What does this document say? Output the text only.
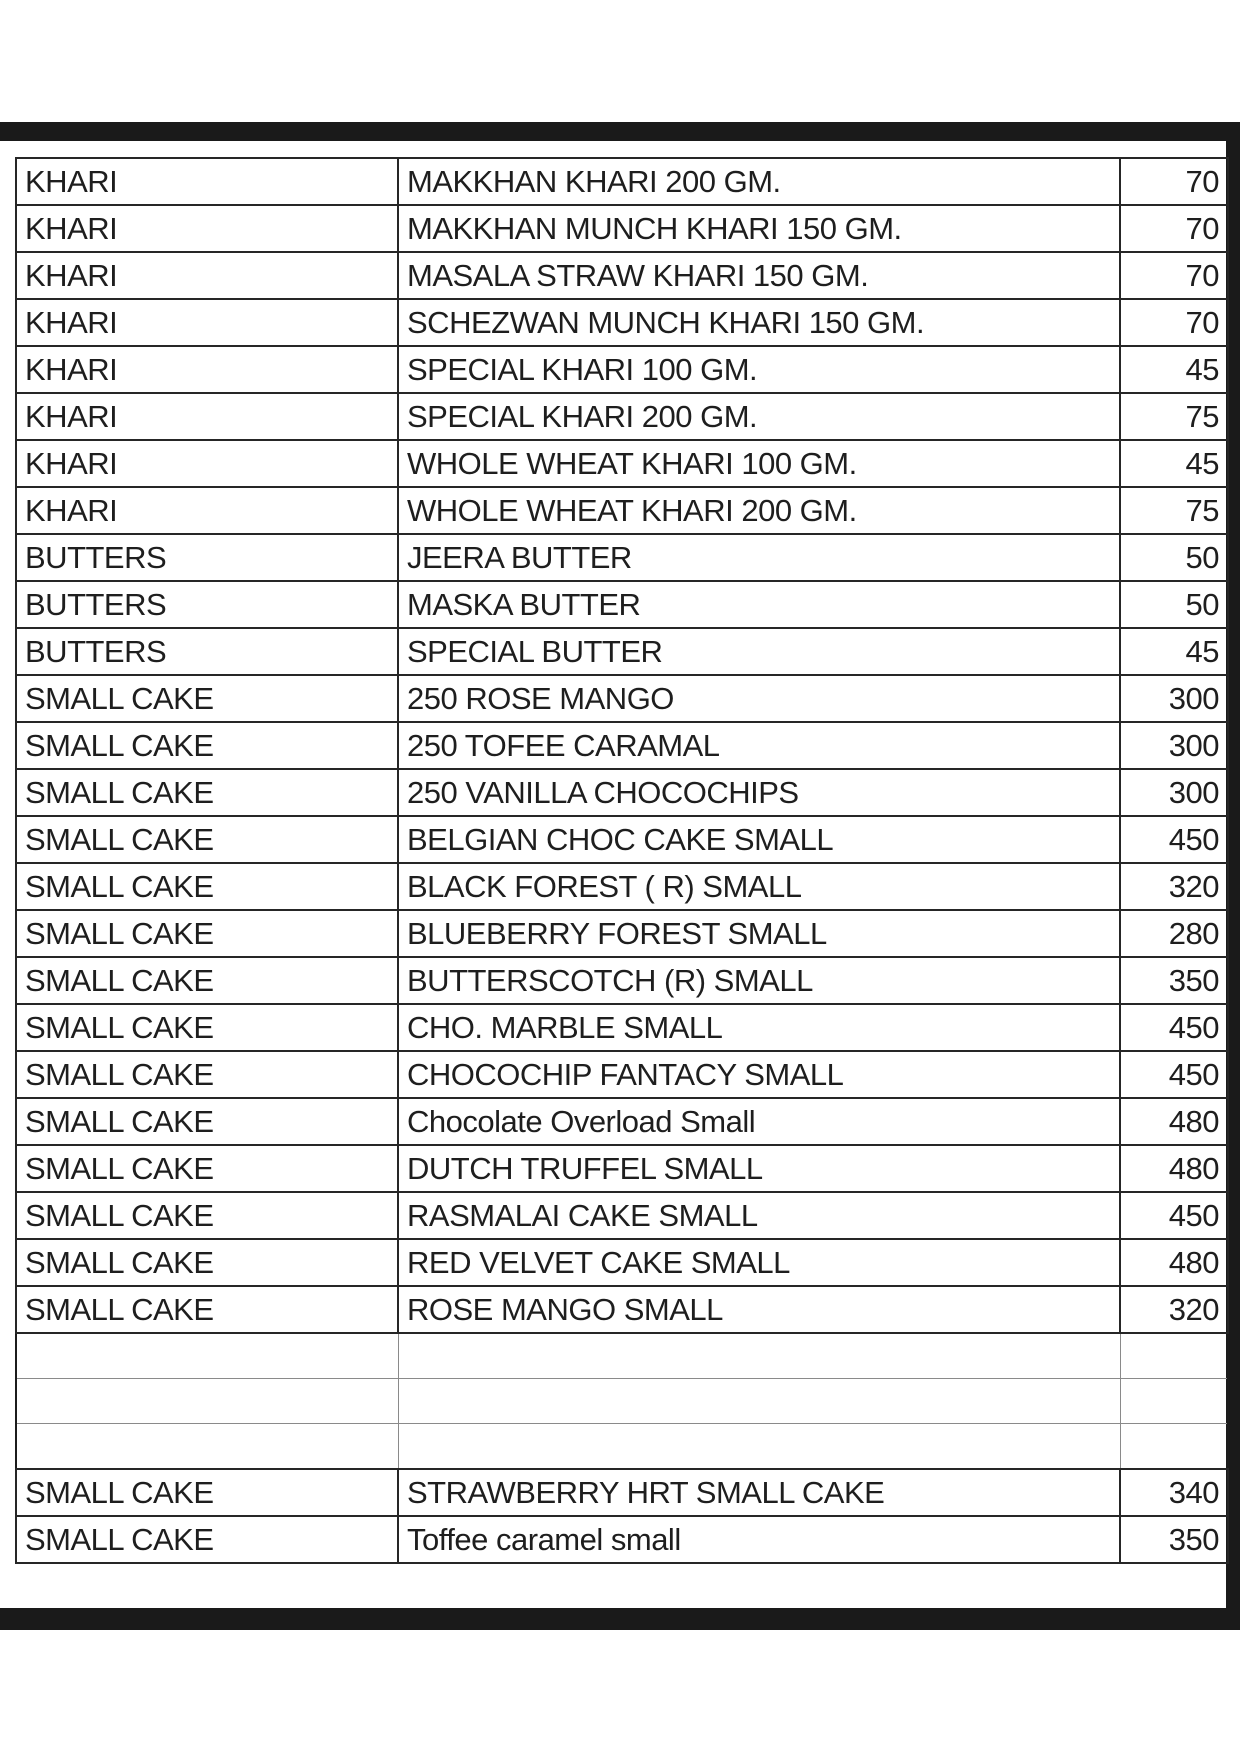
KHARI	MAKKHAN KHARI 200 GM.	70
KHARI	MAKKHAN MUNCH KHARI 150 GM.	70
KHARI	MASALA STRAW KHARI 150 GM.	70
KHARI	SCHEZWAN MUNCH KHARI 150 GM.	70
KHARI	SPECIAL KHARI 100 GM.	45
KHARI	SPECIAL KHARI 200 GM.	75
KHARI	WHOLE WHEAT KHARI 100 GM.	45
KHARI	WHOLE WHEAT KHARI 200 GM.	75
BUTTERS	JEERA BUTTER	50
BUTTERS	MASKA BUTTER	50
BUTTERS	SPECIAL BUTTER	45
SMALL CAKE	250 ROSE MANGO	300
SMALL CAKE	250 TOFEE CARAMAL	300
SMALL CAKE	250 VANILLA CHOCOCHIPS	300
SMALL CAKE	BELGIAN CHOC CAKE SMALL	450
SMALL CAKE	BLACK FOREST ( R) SMALL	320
SMALL CAKE	BLUEBERRY FOREST SMALL	280
SMALL CAKE	BUTTERSCOTCH (R) SMALL	350
SMALL CAKE	CHO. MARBLE SMALL	450
SMALL CAKE	CHOCOCHIP FANTACY SMALL	450
SMALL CAKE	Chocolate Overload Small	480
SMALL CAKE	DUTCH TRUFFEL SMALL	480
SMALL CAKE	RASMALAI CAKE SMALL	450
SMALL CAKE	RED VELVET CAKE SMALL	480
SMALL CAKE	ROSE MANGO SMALL	320

SMALL CAKE	STRAWBERRY HRT SMALL CAKE	340
SMALL CAKE	Toffee caramel small	350
